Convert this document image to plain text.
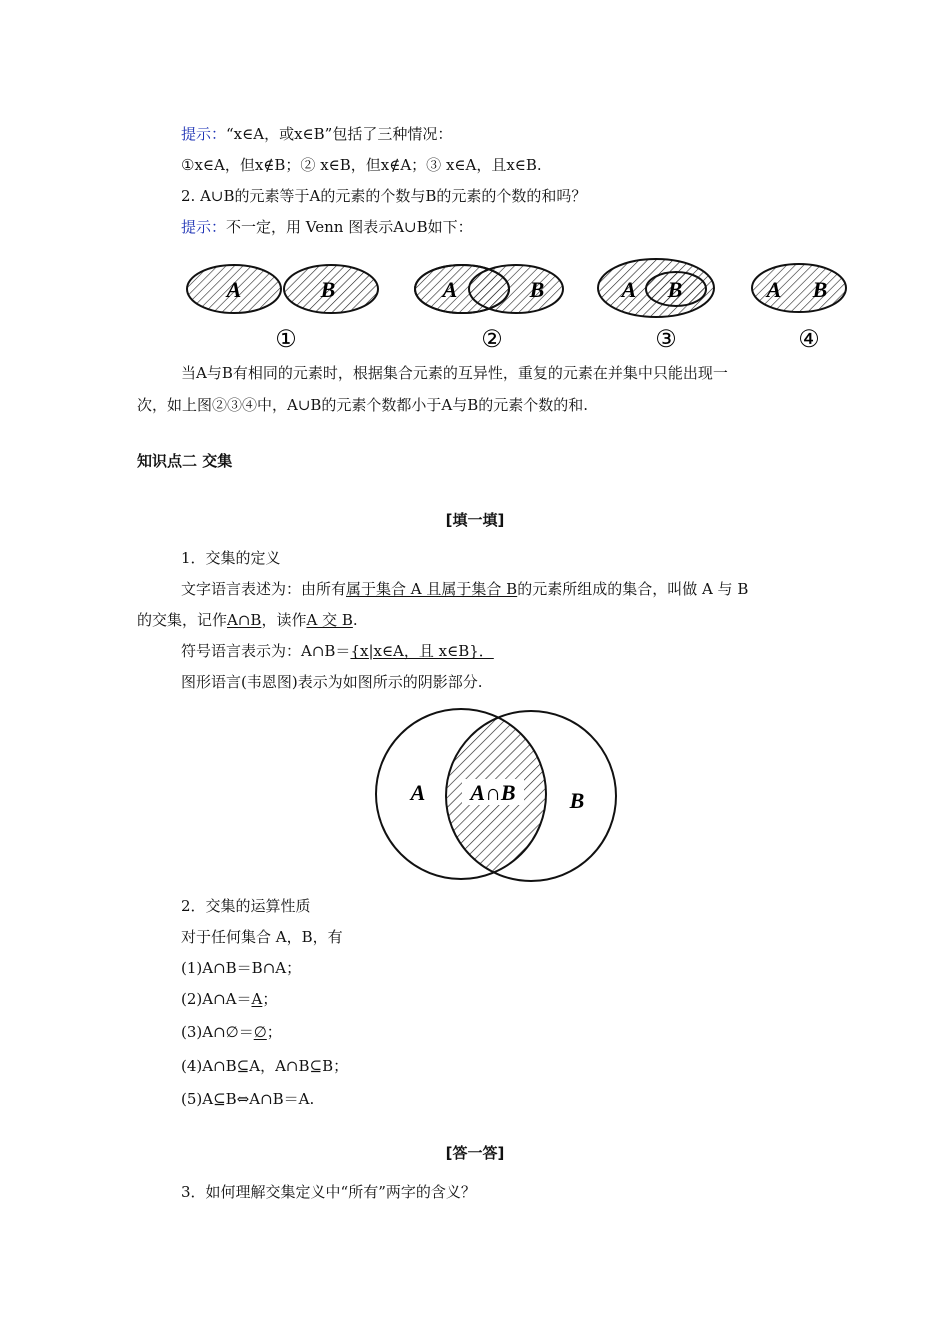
提示：“x∈A，或x∈B”包括了三种情况：
①x∈A，但x∉B；② x∈B，但x∉A；③ x∈A，且x∈B.
2. A∪B的元素等于A的元素的个数与B的元素的个数的和吗？
提示：不一定，用 Venn 图表示A∪B如下：
A	B
①
A	B
②
A B
③
A B
④
当A与B有相同的元素时，根据集合元素的互异性，重复的元素在并集中只能出现一
次，如上图②③④中，A∪B的元素个数都小于A与B的元素个数的和.
知识点二 交集
[填一填]
1．交集的定义
文字语言表述为：由所有属于集合 A 且属于集合 B的元素所组成的集合，叫做 A 与 B
的交集，记作A∩B，读作A 交 B.
符号语言表示为：A∩B＝{x|x∈A，且 x∈B}．
图形语言(韦恩图)表示为如图所示的阴影部分.
A A∩B B
2．交集的运算性质
对于任何集合 A，B，有
(1)A∩B＝B∩A；
(2)A∩A＝A；
(3)A∩∅＝∅；
(4)A∩B⊆A，A∩B⊆B；
(5)A⊆B⇔A∩B＝A.
[答一答]
3．如何理解交集定义中“所有”两字的含义？
